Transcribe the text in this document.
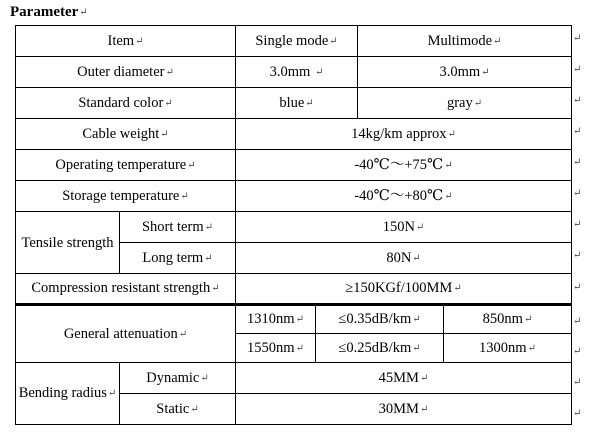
Parameter↵
Item↵		Single mode↵		Multimode↵	
Outer diameter↵		3.0mm ↵		3.0mm↵	
Standard color↵		blue↵		gray↵	
Cable weight↵		14kg/km approx↵			
Operating temperature↵		-40℃～+75℃↵			
Storage temperature↵		-40℃～+80℃↵			
Tensile strength	Short term↵	150N↵			
	Long term↵	80N↵			
Compression resistant strength↵		≥150KGf/100MM↵			
General attenuation↵		1310nm↵	≤0.35dB/km↵		850nm↵
		1550nm↵	≤0.25dB/km↵		1300nm↵
Bending radius↵	Dynamic↵	45MM↵			
	Static↵	30MM↵			
↵
↵
↵
↵
↵
↵
↵
↵
↵
↵
↵
↵
↵
